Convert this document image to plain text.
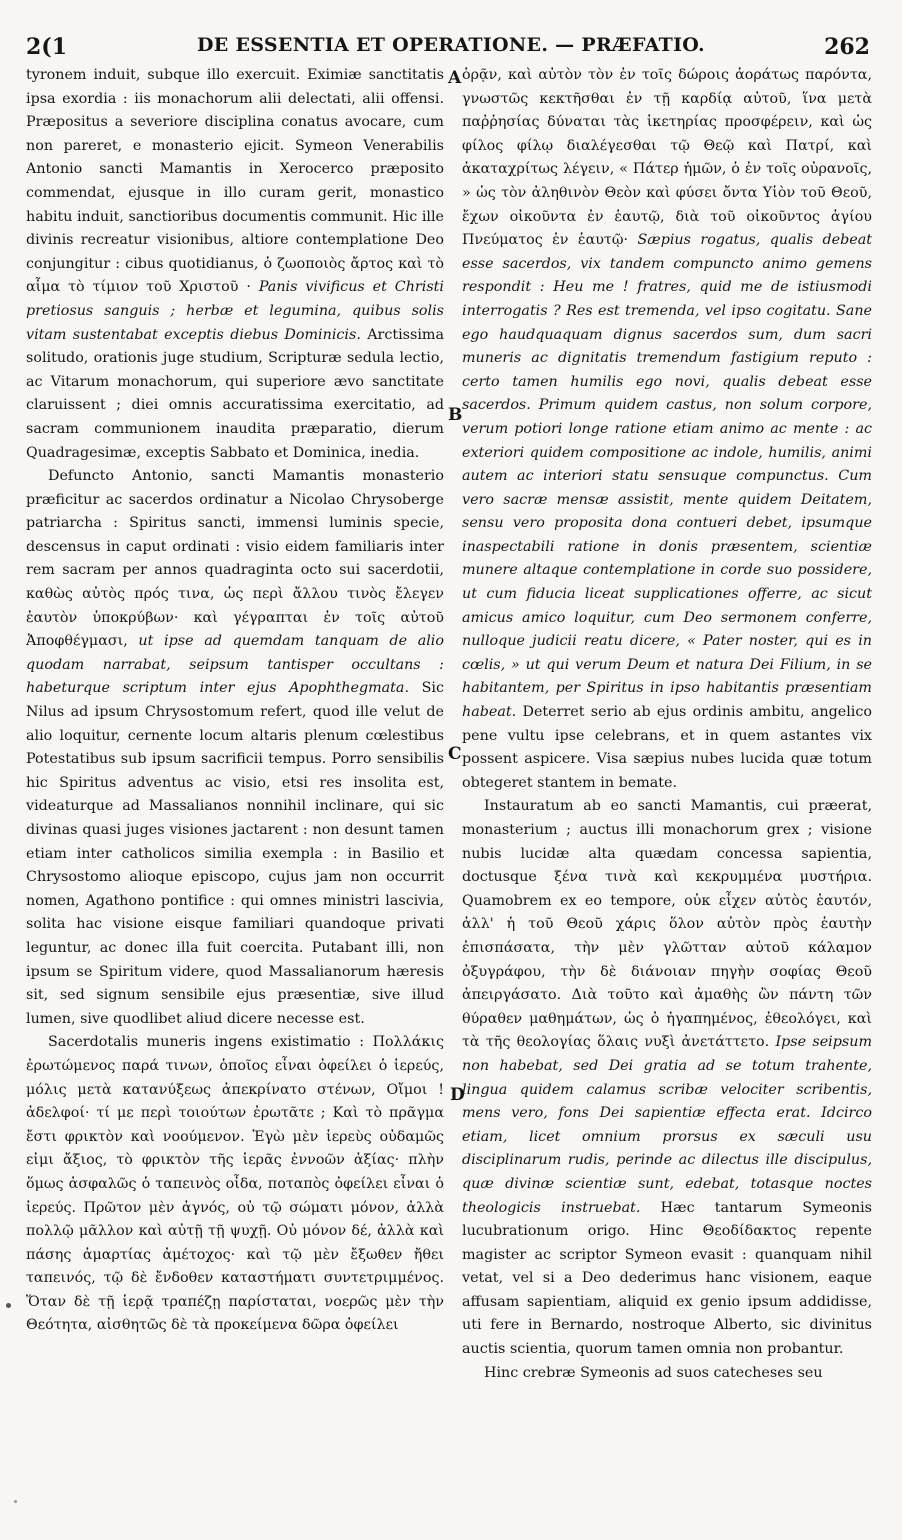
2(1	DE ESSENTIA ET OPERATIONE. — PRÆFATIO.	262

tyronem induit, subque illo exercuit. Eximiæ sanctitatis ipsa exordia : iis monachorum alii delectati, alii offensi. Præpositus a severiore disciplina conatus avocare, cum non pareret, e monasterio ejicit. Symeon Venerabilis Antonio sancti Mamantis in Xerocerco præposito commendat, ejusque in illo curam gerit, monastico habitu induit, sanctioribus documentis communit. Hic ille divinis recreatur visionibus, altiore contemplatione Deo conjungitur : cibus quotidianus, ὁ ζωοποιὸς ἄρτος καὶ τὸ αἷμα τὸ τίμιον τοῦ Χριστοῦ · Panis vivificus et Christi pretiosus sanguis ; herbæ et legumina, quibus solis vitam sustentabat exceptis diebus Dominicis. Arctissima solitudo, orationis juge studium, Scripturæ sedula lectio, ac Vitarum monachorum, qui superiore ævo sanctitate claruissent ; diei omnis accuratissima exercitatio, ad sacram communionem inaudita præparatio, dierum Quadragesimæ, exceptis Sabbato et Dominica, inedia.

Defuncto Antonio, sancti Mamantis monasterio præficitur ac sacerdos ordinatur a Nicolao Chrysoberge patriarcha : Spiritus sancti, immensi luminis specie, descensus in caput ordinati : visio eidem familiaris inter rem sacram per annos quadraginta octo sui sacerdotii, καθὼς αὐτὸς πρός τινα, ὡς περὶ ἄλλου τινὸς ἔλεγεν ἑαυτὸν ὑποκρύβων· καὶ γέγραπται ἐν τοῖς αὐτοῦ Ἀποφθέγμασι, ut ipse ad quemdam tanquam de alio quodam narrabat, seipsum tantisper occultans : habeturque scriptum inter ejus Apophthegmata. Sic Nilus ad ipsum Chrysostomum refert, quod ille velut de alio loquitur, cernente locum altaris plenum cœlestibus Potestatibus sub ipsum sacrificii tempus. Porro sensibilis hic Spiritus adventus ac visio, etsi res insolita est, videaturque ad Massalianos nonnihil inclinare, qui sic divinas quasi juges visiones jactarent : non desunt tamen etiam inter catholicos similia exempla : in Basilio et Chrysostomo alioque episcopo, cujus jam non occurrit nomen, Agathono pontifice : qui omnes ministri lascivia, solita hac visione eisque familiari quandoque privati leguntur, ac donec illa fuit coercita. Putabant illi, non ipsum se Spiritum videre, quod Massalianorum hæresis sit, sed signum sensibile ejus præsentiæ, sive illud lumen, sive quodlibet aliud dicere necesse est.

Sacerdotalis muneris ingens existimatio : Πολλάκις ἐρωτώμενος παρά τινων, ὁποῖος εἶναι ὀφείλει ὁ ἱερεύς, μόλις μετὰ κατανύξεως ἀπεκρίνατο στένων, Οἴμοι ! ἀδελφοί· τί με περὶ τοιούτων ἐρωτᾶτε ; Καὶ τὸ πρᾶγμα ἔστι φρικτὸν καὶ νοούμενον. Ἐγὼ μὲν ἱερεὺς οὐδαμῶς εἰμι ἄξιος, τὸ φρικτὸν τῆς ἱερᾶς ἐννοῶν ἀξίας· πλὴν ὅμως ἀσφαλῶς ὁ ταπεινὸς οἶδα, ποταπὸς ὀφείλει εἶναι ὁ ἱερεύς. Πρῶτον μὲν ἁγνός, οὐ τῷ σώματι μόνον, ἀλλὰ πολλῷ μᾶλλον καὶ αὐτῇ τῇ ψυχῇ. Οὐ μόνον δέ, ἀλλὰ καὶ πάσης ἁμαρτίας ἀμέτοχος· καὶ τῷ μὲν ἔξωθεν ἤθει ταπεινός, τῷ δὲ ἔνδοθεν καταστήματι συντετριμμένος. Ὅταν δὲ τῇ ἱερᾷ τραπέζῃ παρίσταται, νοερῶς μὲν τὴν Θεότητα, αἰσθητῶς δὲ τὰ προκείμενα δῶρα ὀφείλει

A
B
C
D

ὁρᾷν, καὶ αὐτὸν τὸν ἐν τοῖς δώροις ἀοράτως παρόντα, γνωστῶς κεκτῆσθαι ἐν τῇ καρδίᾳ αὐτοῦ, ἵνα μετὰ παῤῥησίας δύναται τὰς ἱκετηρίας προσφέρειν, καὶ ὡς φίλος φίλῳ διαλέγεσθαι τῷ Θεῷ καὶ Πατρί, καὶ ἀκαταχρίτως λέγειν, « Πάτερ ἡμῶν, ὁ ἐν τοῖς οὐρανοῖς, » ὡς τὸν ἀληθινὸν Θεὸν καὶ φύσει ὄντα Υἱὸν τοῦ Θεοῦ, ἔχων οἰκοῦντα ἐν ἑαυτῷ, διὰ τοῦ οἰκοῦντος ἁγίου Πνεύματος ἐν ἑαυτῷ· Sæpius rogatus, qualis debeat esse sacerdos, vix tandem compuncto animo gemens respondit : Heu me ! fratres, quid me de istiusmodi interrogatis ? Res est tremenda, vel ipso cogitatu. Sane ego haudquaquam dignus sacerdos sum, dum sacri muneris ac dignitatis tremendum fastigium reputo : certo tamen humilis ego novi, qualis debeat esse sacerdos. Primum quidem castus, non solum corpore, verum potiori longe ratione etiam animo ac mente : ac exteriori quidem compositione ac indole, humilis, animi autem ac interiori statu sensuque compunctus. Cum vero sacræ mensæ assistit, mente quidem Deitatem, sensu vero proposita dona contueri debet, ipsumque inaspectabili ratione in donis præsentem, scientiæ munere altaque contemplatione in corde suo possidere, ut cum fiducia liceat supplicationes offerre, ac sicut amicus amico loquitur, cum Deo sermonem conferre, nulloque judicii reatu dicere, « Pater noster, qui es in cœlis, » ut qui verum Deum et natura Dei Filium, in se habitantem, per Spiritus in ipso habitantis præsentiam habeat. Deterret serio ab ejus ordinis ambitu, angelico pene vultu ipse celebrans, et in quem astantes vix possent aspicere. Visa sæpius nubes lucida quæ totum obtegeret stantem in bemate.

Instauratum ab eo sancti Mamantis, cui præerat, monasterium ; auctus illi monachorum grex ; visione nubis lucidæ alta quædam concessa sapientia, doctusque ξένα τινὰ καὶ κεκρυμμένα μυστήρια. Quamobrem ex eo tempore, οὐκ εἶχεν αὐτὸς ἑαυτόν, ἀλλ' ἡ τοῦ Θεοῦ χάρις ὅλον αὐτὸν πρὸς ἑαυτὴν ἐπισπάσατα, τὴν μὲν γλῶτταν αὐτοῦ κάλαμον ὀξυγράφου, τὴν δὲ διάνοιαν πηγὴν σοφίας Θεοῦ ἀπειργάσατο. Διὰ τοῦτο καὶ ἀμαθὴς ὢν πάντη τῶν θύραθεν μαθημάτων, ὡς ὁ ἠγαπημένος, ἐθεολόγει, καὶ τὰ τῆς θεολογίας ὅλαις νυξὶ ἀνετάττετο. Ipse seipsum non habebat, sed Dei gratia ad se totum trahente, lingua quidem calamus scribæ velociter scribentis, mens vero, fons Dei sapientiæ effecta erat. Idcirco etiam, licet omnium prorsus ex sæculi usu disciplinarum rudis, perinde ac dilectus ille discipulus, quæ divinæ scientiæ sunt, edebat, totasque noctes theologicis instruebat. Hæc tantarum Symeonis lucubrationum origo. Hinc Θεοδίδακτος repente magister ac scriptor Symeon evasit : quanquam nihil vetat, vel si a Deo dederimus hanc visionem, eaque affusam sapientiam, aliquid ex genio ipsum addidisse, uti fere in Bernardo, nostroque Alberto, sic divinitus auctis scientia, quorum tamen omnia non probantur.

Hinc crebræ Symeonis ad suos catecheses seu
